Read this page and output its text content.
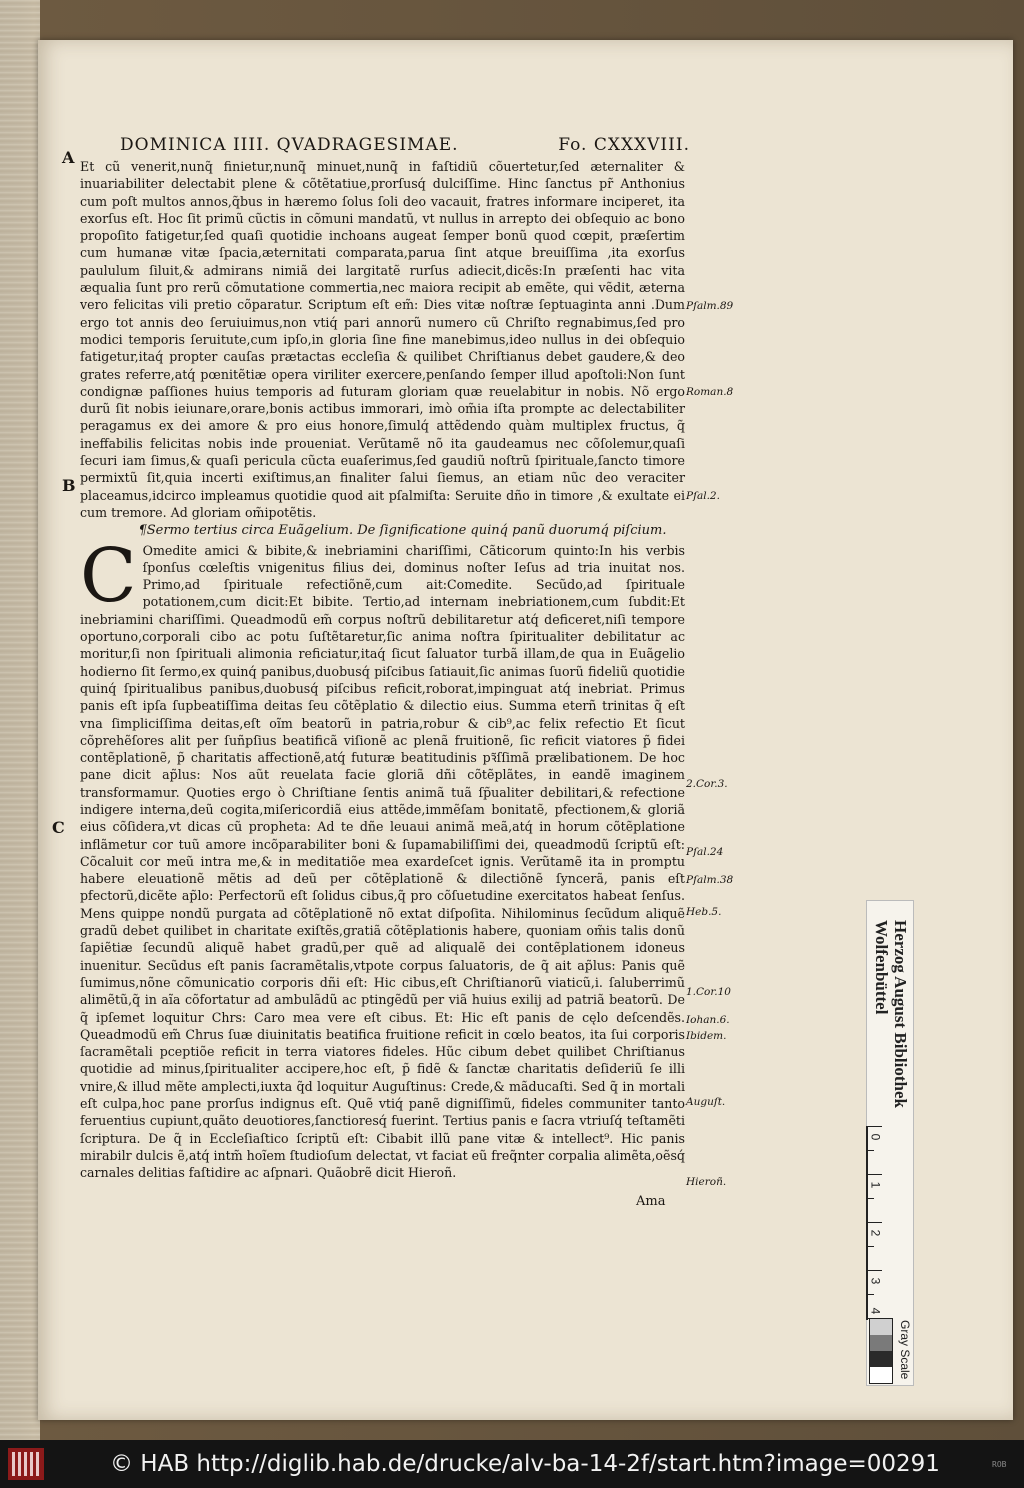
DOMINICA IIII. QVADRAGESIMAE.	Fo. CXXXVIII.
A
B
C

Et cũ venerit,nunq̃ finietur,nunq̃ minuet,nunq̃ in faſtidiũ cõuertetur,ſed æternaliter & inuariabiliter delectabit plene & cõtẽtatiue,prorſusq́ dulciſſime. Hinc ſanctus pr̃ Anthonius cum poſt multos annos,q̃bus in hæremo ſolus ſoli deo vacauit, fratres informare inciperet, ita exorſus eſt. Hoc ſit primũ cũctis in cõmuni mandatũ, vt nullus in arrepto dei obſequio ac bono propoſito fatigetur,ſed quaſi quotidie inchoans augeat ſemper bonũ quod cœpit, præſertim cum humanæ vitæ ſpacia,æternitati comparata,parua ſint atque breuiſſima ,ita exorſus paululum ſiluit,& admirans nimiã dei largitatẽ rurſus adiecit,dicẽs:In præſenti hac vita æqualia ſunt pro rerũ cõmutatione commertia,nec maiora recipit ab emẽte, qui vẽdit, æterna vero felicitas vili pretio cõparatur. Scriptum eſt em̃: Dies vitæ noſtræ ſeptuaginta anni .Dum ergo tot annis deo ſeruiuimus,non vtiq́ pari annorũ numero cũ Chriſto regnabimus,ſed pro modici temporis ſeruitute,cum ipſo,in gloria ſine fine manebimus,ideo nullus in dei obſequio fatigetur,itaq́ propter cauſas prætactas eccleſia & quilibet Chriſtianus debet gaudere,& deo grates referre,atq́ pœnitẽtiæ opera viriliter exercere,penſando ſemper illud apoſtoli:Non ſunt condignæ paſſiones huius temporis ad futuram gloriam quæ reuelabitur in nobis. Nõ ergo durũ ſit nobis ieiunare,orare,bonis actibus immorari, imò om̃ia iſta prompte ac delectabiliter peragamus ex dei amore & pro eius honore,ſimulq́ attẽdendo quàm multiplex fructus, q̃ ineffabilis felicitas nobis inde proueniat. Verũtamẽ nõ ita gaudeamus nec cõſolemur,quaſi ſecuri iam ſimus,& quaſi pericula cũcta euaſerimus,ſed gaudiũ noſtrũ ſpirituale,ſancto timore permixtũ ſit,quia incerti exiſtimus,an finaliter ſalui ſiemus, an etiam nũc deo veraciter placeamus,idcirco impleamus quotidie quod ait pſalmiſta: Seruite dño in timore ,& exultate ei cum tremore. Ad gloriam om̃ipotẽtis.

¶Sermo tertius circa Euãgelium. De ſignificatione quinq́ panũ duorumq́ piſcium.

C Omedite amici & bibite,& inebriamini chariſſimi, Cãticorum quinto:In his verbis ſponſus cœleſtis vnigenitus filius dei, dominus noſter Ieſus ad tria inuitat nos. Primo,ad ſpirituale refectiõnẽ,cum ait:Comedite. Secũdo,ad ſpirituale potationem,cum dicit:Et bibite. Tertio,ad internam inebriationem,cum ſubdit:Et inebriamini chariſſimi. Queadmodũ em̃ corpus noſtrũ debilitaretur atq́ deficeret,niſi tempore oportuno,corporali cibo ac potu ſuſtẽtaretur,ſic anima noſtra ſpiritualiter debilitatur ac moritur,ſi non ſpirituali alimonia reficiatur,itaq́ ſicut ſaluator turbã illam,de qua in Euãgelio hodierno ſit ſermo,ex quinq́ panibus,duobusq́ piſcibus ſatiauit,ſic animas ſuorũ fideliũ quotidie quinq́ ſpiritualibus panibus,duobusq́ piſcibus reficit,roborat,impinguat atq́ inebriat. Primus panis eſt ipſa ſupbeatiſſima deitas ſeu cõtẽplatio & dilectio eius. Summa eterñ trinitas q̃ eſt vna ſimpliciſſima deitas,eſt oĩm beatorũ in patria,robur & cib⁹,ac felix refectio Et ſicut cõprehẽſores alit per ſuñpſius beatificã viſionẽ ac plenã fruitionẽ, ſic reficit viatores p̃ fidei contẽplationẽ, p̃ charitatis affectionẽ,atq́ futuræ beatitudinis pꝛ̃ſſimã prælibationem. De hoc pane dicit ap̃lus: Nos aũt reuelata facie gloriã dñi cõtẽplãtes, in eandẽ imaginem transformamur. Quoties ergo ò Chriſtiane ſentis animã tuã ſp̃ualiter debilitari,& refectione indigere interna,deũ cogita,miſericordiã eius attẽde,immẽſam bonitatẽ, pfectionem,& gloriã eius cõſidera,vt dicas cũ propheta: Ad te dñe leuaui animã meã,atq́ in horum cõtẽplatione inflãmetur cor tuũ amore incõparabiliter boni & ſupamabiliſſimi dei, queadmodũ ſcriptũ eſt: Cõcaluit cor meũ intra me,& in meditatiõe mea exardeſcet ignis. Verũtamẽ ita in promptu habere eleuationẽ mẽtis ad deũ per cõtẽplationẽ & dilectiõnẽ ſyncerã, panis eſt pfectorũ,dicẽte ap̃lo: Perfectorũ eſt ſolidus cibus,q̃ pro cõſuetudine exercitatos habeat ſenſus. Mens quippe nondũ purgata ad cõtẽplationẽ nõ extat diſpoſita. Nihilominus ſecũdum aliquẽ gradũ debet quilibet in charitate exiſtẽs,gratiã cõtẽplationis habere, quoniam om̃is talis donũ ſapiẽtiæ ſecundũ aliquẽ habet gradũ,per quẽ ad aliqualẽ dei contẽplationem idoneus inuenitur. Secũdus eſt panis ſacramẽtalis,vtpote corpus ſaluatoris, de q̃ ait ap̃lus: Panis quẽ ſumimus,nõne cõmunicatio corporis dñi eſt: Hic cibus,eſt Chriſtianorũ viaticũ,i. ſaluberrimũ alimẽtũ,q̃ in aĩa cõfortatur ad ambulãdũ ac ptingẽdũ per viã huius exilij ad patriã beatorũ. De q̃ ipſemet loquitur Chrs: Caro mea vere eſt cibus. Et: Hic eſt panis de cęlo deſcendẽs. Queadmodũ em̃ Chrus ſuæ diuinitatis beatifica fruitione reficit in cœlo beatos, ita ſui corporis ſacramẽtali pceptiõe reficit in terra viatores fideles. Hũc cibum debet quilibet Chriſtianus quotidie ad minus,ſpiritualiter accipere,hoc eſt, p̃ fidẽ & ſanctæ charitatis deſideriũ ſe illi vnire,& illud mẽte amplecti,iuxta q̃d loquitur Auguſtinus: Crede,& mãducaſti. Sed q̃ in mortali eſt culpa,hoc pane prorſus indignus eſt. Quẽ vtiq́ panẽ digniſſimũ, fideles communiter tanto feruentius cupiunt,quãto deuotiores,ſanctioresq́ fuerint. Tertius panis e ſacra vtriuſq́ teſtamẽti ſcriptura. De q̃ in Eccleſiaſtico ſcriptũ eſt: Cibabit illũ pane vitæ & intellect⁹. Hic panis mirabilr dulcis ẽ,atq́ intm̃ hoĩem ſtudioſum delectat, vt faciat eũ freq̃nter corpalia alimẽta,oẽsq́ carnales delitias faſtidire ac aſpnari. Quãobrẽ dicit Hieroñ.

Ama
Pſalm.89
Roman.8
Pſal.2.
2.Cor.3.
Pſal.24
Pſalm.38
Heb.5.
1.Cor.10
Iohan.6.
Ibidem.
Auguſt.
Hieroñ.
Herzog August Bibliothek
Wolfenbüttel
0
1
2
3
4
Gray Scale
© HAB http://diglib.hab.de/drucke/alv-ba-14-2f/start.htm?image=00291	ROB
